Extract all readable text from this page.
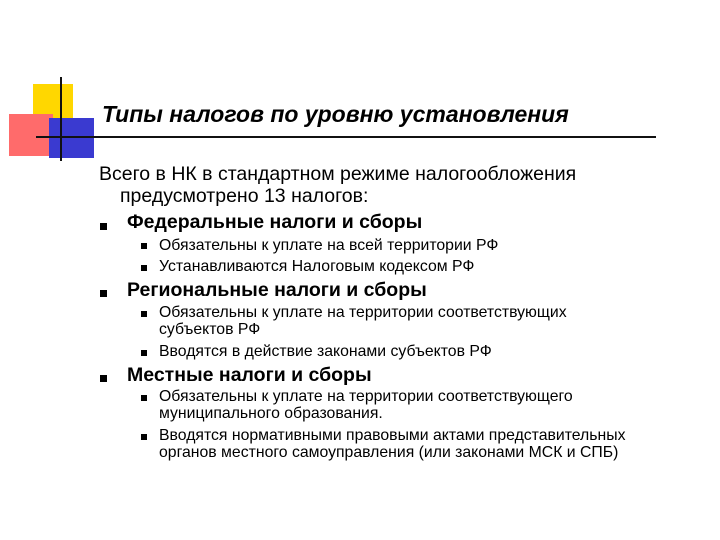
Типы налогов по уровню установления
Всего в НК в стандартном режиме налогообложения
предусмотрено 13 налогов:
Федеральные налоги и сборы
Обязательны к уплате на всей территории РФ
Устанавливаются Налоговым кодексом РФ
Региональные налоги и сборы
Обязательны к уплате на территории соответствующих
субъектов РФ
Вводятся в действие законами субъектов РФ
Местные налоги и сборы
Обязательны к уплате на территории соответствующего
муниципального образования.
Вводятся нормативными правовыми актами представительных
органов местного самоуправления (или законами МСК и СПБ)
